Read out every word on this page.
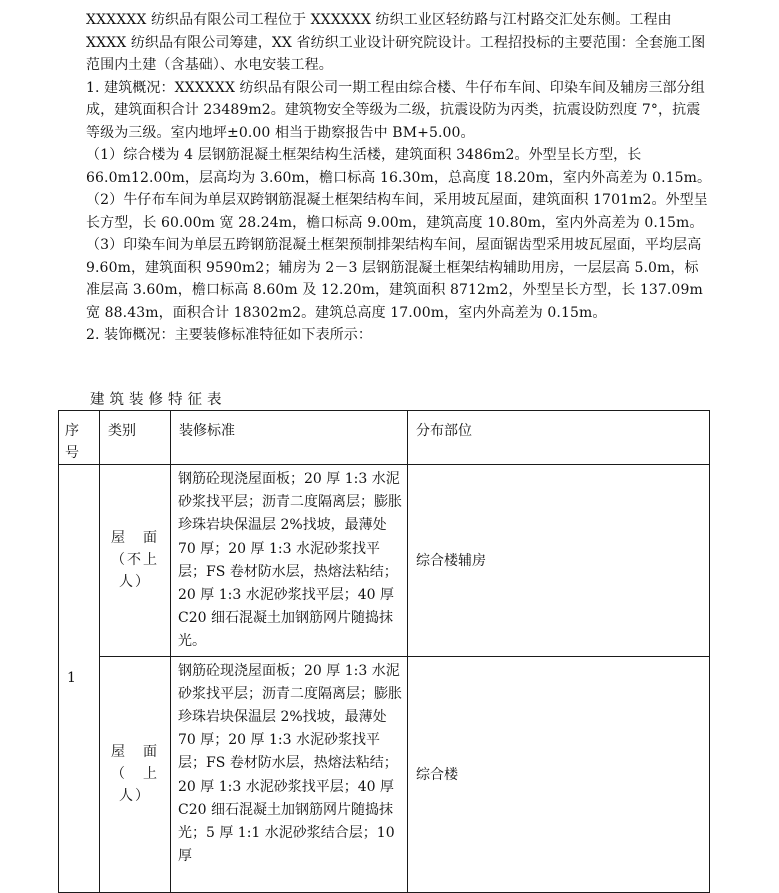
XXXXXX 纺织品有限公司工程位于 XXXXXX 纺织工业区轻纺路与江村路交汇处东侧。工程由 XXXX 纺织品有限公司筹建，XX 省纺织工业设计研究院设计。工程招投标的主要范围：全套施工图范围内土建（含基础）、水电安装工程。

1. 建筑概况：XXXXXX 纺织品有限公司一期工程由综合楼、牛仔布车间、印染车间及辅房三部分组成，建筑面积合计 23489m2。建筑物安全等级为二级，抗震设防为丙类，抗震设防烈度 7°，抗震等级为三级。室内地坪±0.00 相当于勘察报告中 BM+5.00。

（1）综合楼为 4 层钢筋混凝土框架结构生活楼，建筑面积 3486m2。外型呈长方型，长 66.0m12.00m，层高均为 3.60m，檐口标高 16.30m，总高度 18.20m，室内外高差为 0.15m。

（2）牛仔布车间为单层双跨钢筋混凝土框架结构车间，采用坡瓦屋面，建筑面积 1701m2。外型呈长方型，长 60.00m 宽 28.24m，檐口标高 9.00m，建筑高度 10.80m，室内外高差为 0.15m。

（3）印染车间为单层五跨钢筋混凝土框架预制排架结构车间，屋面锯齿型采用坡瓦屋面，平均层高 9.60m，建筑面积 9590m2；辅房为 2－3 层钢筋混凝土框架结构辅助用房，一层层高 5.0m，标准层高 3.60m，檐口标高 8.60m 及 12.20m，建筑面积 8712m2，外型呈长方型，长 137.09m 宽 88.43m，面积合计 18302m2。建筑总高度 17.00m，室内外高差为 0.15m。

2. 装饰概况：主要装修标准特征如下表所示：

建筑装修特征表
序
号	类别	装修标准	分布部位
1	屋　面
（不上
人）	钢筋砼现浇屋面板；20 厚 1:3 水泥砂浆找平层；沥青二度隔离层；膨胀珍珠岩块保温层 2%找坡，最薄处 70 厚；20 厚 1:3 水泥砂浆找平层；FS 卷材防水层，热熔法粘结；20 厚 1:3 水泥砂浆找平层；40 厚 C20 细石混凝土加钢筋网片随捣抹光。	综合楼辅房

	屋　面
（　上
人）	钢筋砼现浇屋面板；20 厚 1:3 水泥砂浆找平层；沥青二度隔离层；膨胀珍珠岩块保温层 2%找坡，最薄处 70 厚；20 厚 1:3 水泥砂浆找平层；FS 卷材防水层，热熔法粘结；20 厚 1:3 水泥砂浆找平层；40 厚 C20 细石混凝土加钢筋网片随捣抹光；5 厚 1:1 水泥砂浆结合层；10 厚	综合楼
